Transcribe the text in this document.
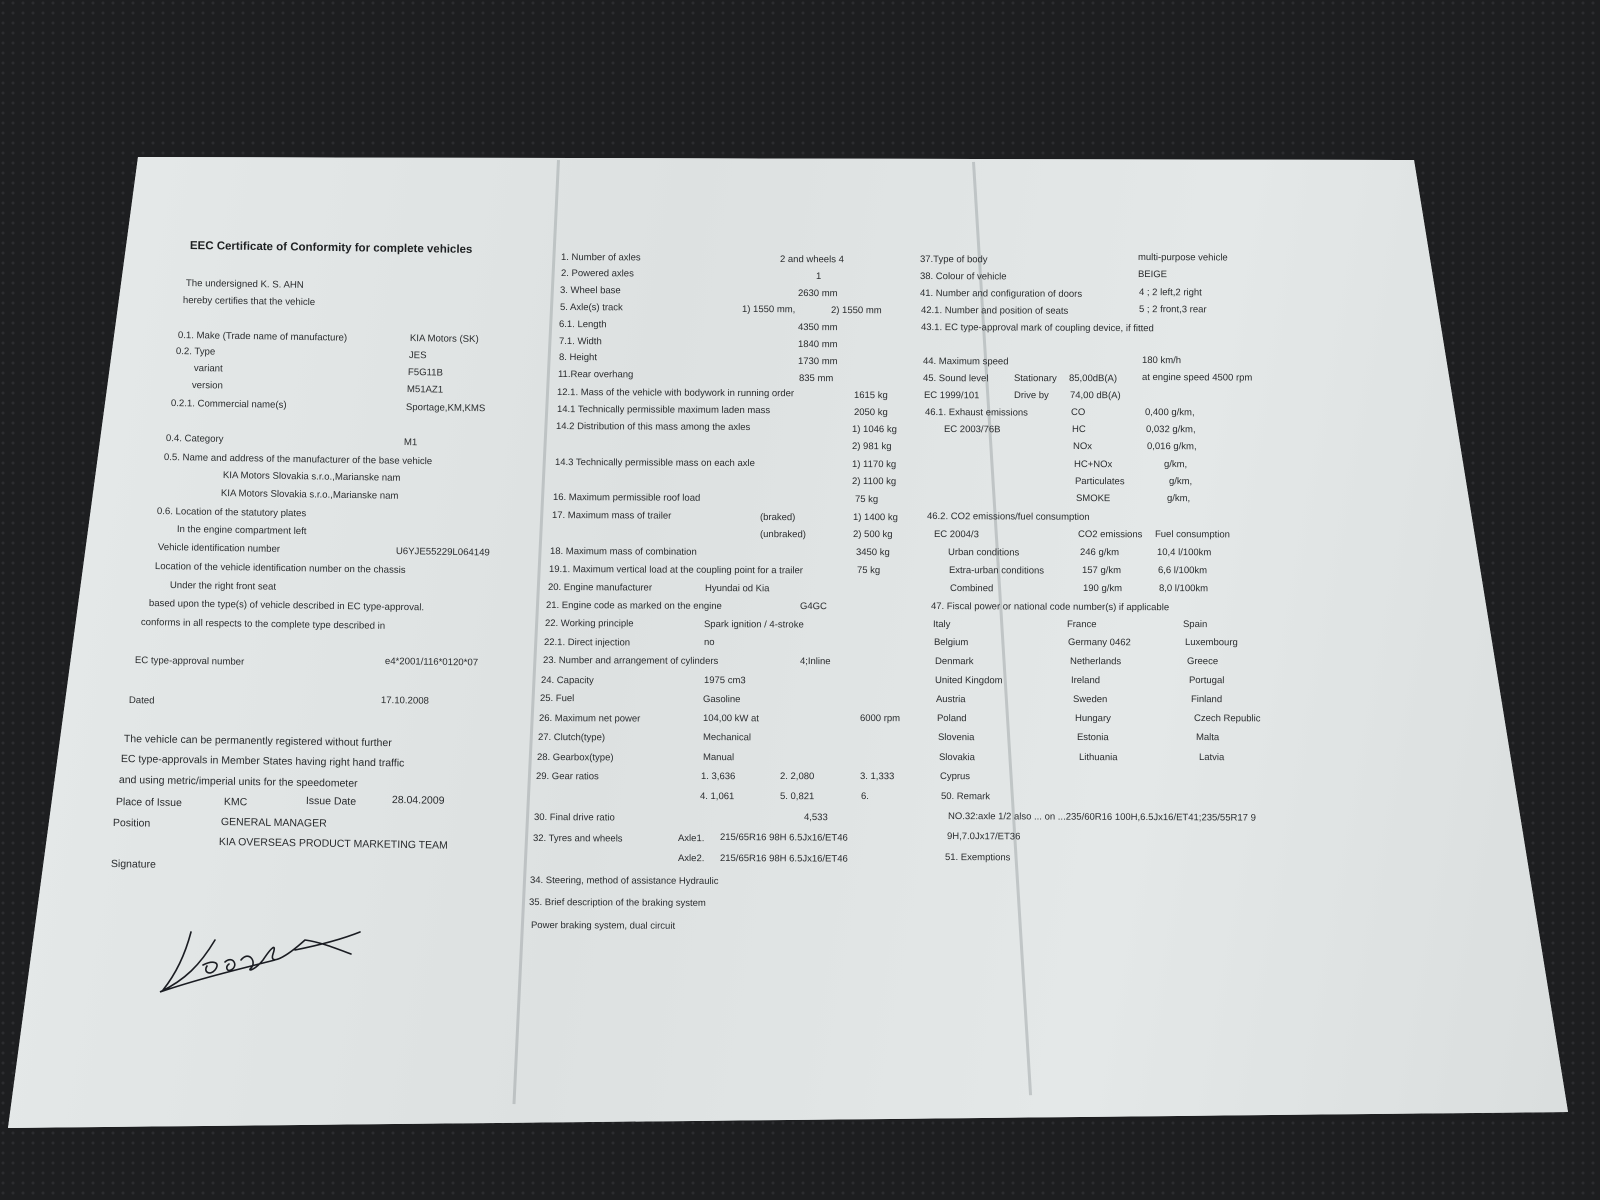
EEC Certificate of Conformity for complete vehicles
The undersigned K. S. AHN
hereby certifies that the vehicle
0.1. Make (Trade name of manufacture)	KIA Motors (SK)
0.2. Type	JES
variant	F5G11B
version	M51AZ1
0.2.1. Commercial name(s)	Sportage,KM,KMS
0.4. Category	M1
0.5. Name and address of the manufacturer of the base vehicle
KIA Motors Slovakia s.r.o.,Marianske nam
KIA Motors Slovakia s.r.o.,Marianske nam
0.6. Location of the statutory plates
In the engine compartment left
Vehicle identification number	U6YJE55229L064149
Location of the vehicle identification number on the chassis
Under the right front seat
based upon the type(s) of vehicle described in EC type-approval.
conforms in all respects to the complete type described in
EC type-approval number	e4*2001/116*0120*07
Dated	17.10.2008
The vehicle can be permanently registered without further
EC type-approvals in Member States having right hand traffic
and using metric/imperial units for the speedometer
Place of Issue	KMC	Issue Date	28.04.2009
Position	GENERAL MANAGER
KIA OVERSEAS PRODUCT MARKETING TEAM
Signature
1. Number of axles	2 and wheels 4
2. Powered axles	1
3. Wheel base	2630 mm
5. Axle(s) track	1) 1550 mm,	2) 1550 mm
6.1. Length	4350 mm
7.1. Width	1840 mm
8. Height	1730 mm
11.Rear overhang	835 mm
12.1. Mass of the vehicle with bodywork in running order	1615 kg
14.1 Technically permissible maximum laden mass	2050 kg
14.2 Distribution of this mass among the axles	1) 1046 kg
2) 981 kg
14.3 Technically permissible mass on each axle	1) 1170 kg
2) 1100 kg
16. Maximum permissible roof load	75 kg
17. Maximum mass of trailer	(braked)	1) 1400 kg
(unbraked)	2) 500 kg
18. Maximum mass of combination	3450 kg
19.1. Maximum vertical load at the coupling point for a trailer	75 kg
20. Engine manufacturer	Hyundai od Kia
21. Engine code as marked on the engine	G4GC
22. Working principle	Spark ignition / 4-stroke
22.1. Direct injection	no
23. Number and arrangement of cylinders	4;Inline
24. Capacity	1975 cm3
25. Fuel	Gasoline
26. Maximum net power	104,00 kW at	6000 rpm
27. Clutch(type)	Mechanical
28. Gearbox(type)	Manual
29. Gear ratios	1. 3,636	2. 2,080	3. 1,333
4. 1,061	5. 0,821	6.
30. Final drive ratio	4,533
32. Tyres and wheels	Axle1. 215/65R16 98H 6.5Jx16/ET46
Axle2. 215/65R16 98H 6.5Jx16/ET46
34. Steering, method of assistance Hydraulic
35. Brief description of the braking system
Power braking system, dual circuit
37.Type of body	multi-purpose vehicle
38. Colour of vehicle	BEIGE
41. Number and configuration of doors	4 ; 2 left,2 right
42.1. Number and position of seats	5 ; 2 front,3 rear
43.1. EC type-approval mark of coupling device, if fitted
44. Maximum speed	180 km/h
45. Sound level	Stationary 85,00dB(A)	at engine speed 4500 rpm
EC 1999/101	Drive by 74,00 dB(A)
46.1. Exhaust emissions
EC 2003/76B
CO	0,400 g/km,
HC	0,032 g/km,
NOx	0,016 g/km,
HC+NOx	g/km,
Particulates	g/km,
SMOKE	g/km,
46.2. CO2 emissions/fuel consumption
EC 2004/3	CO2 emissions Fuel consumption
Urban conditions	246 g/km	10,4 l/100km
Extra-urban conditions	157 g/km	6,6 l/100km
Combined	190 g/km	8,0 l/100km
47. Fiscal power or national code number(s) if applicable
Italy	France	Spain
Belgium	Germany 0462	Luxembourg
Denmark	Netherlands	Greece
United Kingdom	Ireland	Portugal
Austria	Sweden	Finland
Poland	Hungary	Czech Republic
Slovenia	Estonia	Malta
Slovakia	Lithuania	Latvia
Cyprus
50. Remark
NO.32:axle 1/2 also ... on ...235/60R16 100H,6.5Jx16/ET41;235/55R17 9
9H,7.0Jx17/ET36
51. Exemptions
